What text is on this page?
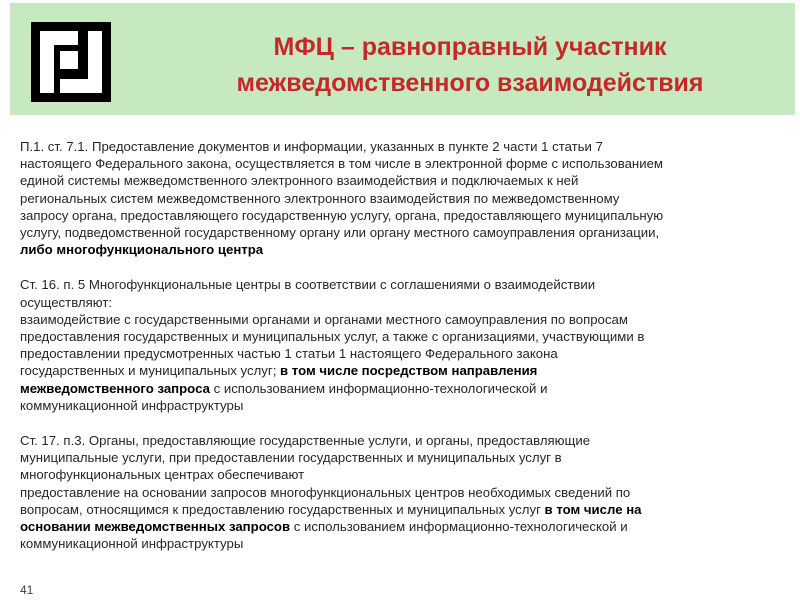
МФЦ – равноправный участник
межведомственного взаимодействия
П.1. ст. 7.1. Предоставление документов и информации, указанных в пункте 2 части 1 статьи 7
настоящего Федерального закона, осуществляется в том числе в электронной форме с использованием
единой системы межведомственного электронного взаимодействия и подключаемых к ней
региональных систем межведомственного электронного взаимодействия по межведомственному
запросу органа, предоставляющего государственную услугу, органа, предоставляющего муниципальную
услугу, подведомственной государственному органу или органу местного самоуправления организации,
либо многофункционального центра
Ст. 16. п. 5 Многофункциональные центры в соответствии с соглашениями о взаимодействии
осуществляют:
взаимодействие с государственными органами и органами местного самоуправления по вопросам
предоставления государственных и муниципальных услуг, а также с организациями, участвующими в
предоставлении предусмотренных частью 1 статьи 1 настоящего Федерального закона
государственных и муниципальных услуг; в том числе посредством направления
межведомственного запроса с использованием информационно-технологической и
коммуникационной инфраструктуры
Ст. 17. п.3. Органы, предоставляющие государственные услуги, и органы, предоставляющие
муниципальные услуги, при предоставлении государственных и муниципальных услуг в
многофункциональных центрах обеспечивают
предоставление на основании запросов многофункциональных центров необходимых сведений по
вопросам, относящимся к предоставлению государственных и муниципальных услуг в том числе на
основании межведомственных запросов с использованием информационно-технологической и
коммуникационной инфраструктуры
41
